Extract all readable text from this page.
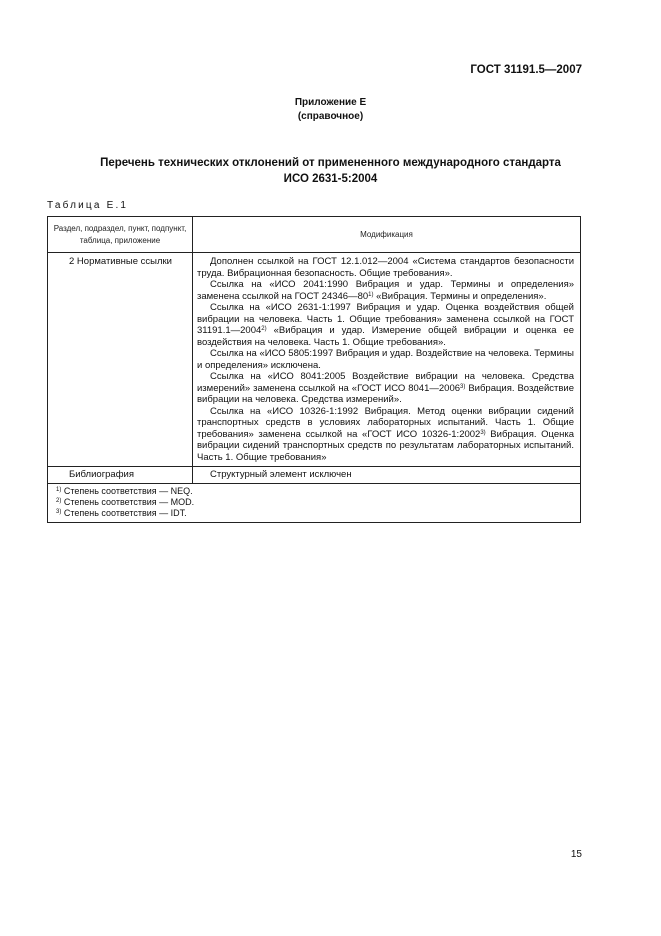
ГОСТ 31191.5—2007
Приложение Е
(справочное)
Перечень технических отклонений от примененного международного стандарта
ИСО 2631-5:2004
Таблица Е.1
Раздел, подраздел, пункт, подпункт, таблица, приложение
Модификация
2 Нормативные ссылки	Дополнен ссылкой на ГОСТ 12.1.012—2004 «Система стандартов безопасности труда. Вибрационная безопасность. Общие требования».

Ссылка на «ИСО 2041:1990 Вибрация и удар. Термины и определения» заменена ссылкой на ГОСТ 24346—80$^{1)}$ «Вибрация. Термины и определения».

Ссылка на «ИСО 2631-1:1997 Вибрация и удар. Оценка воздействия общей вибрации на человека. Часть 1. Общие требования» заменена ссылкой на ГОСТ 31191.1—2004$^{2)}$ «Вибрация и удар. Измерение общей вибрации и оценка ее воздействия на человека. Часть 1. Общие требования».

Ссылка на «ИСО 5805:1997 Вибрация и удар. Воздействие на человека. Термины и определения» исключена.

Ссылка на «ИСО 8041:2005 Воздействие вибрации на человека. Средства измерений» заменена ссылкой на «ГОСТ ИСО 8041—2006$^{3)}$ Вибрация. Воздействие вибрации на человека. Средства измерений».

Ссылка на «ИСО 10326-1:1992 Вибрация. Метод оценки вибрации сидений транспортных средств в условиях лабораторных испытаний. Часть 1. Общие требования» заменена ссылкой на «ГОСТ ИСО 10326-1:2002$^{3)}$ Вибрация. Оценка вибрации сидений транспортных средств по результатам лабораторных испытаний. Часть 1. Общие требования»

Библиография	Структурный элемент исключен
$^{1)}$ Степень соответствия — NEQ.
$^{2)}$ Степень соответствия — MOD.
$^{3)}$ Степень соответствия — IDT.
15
